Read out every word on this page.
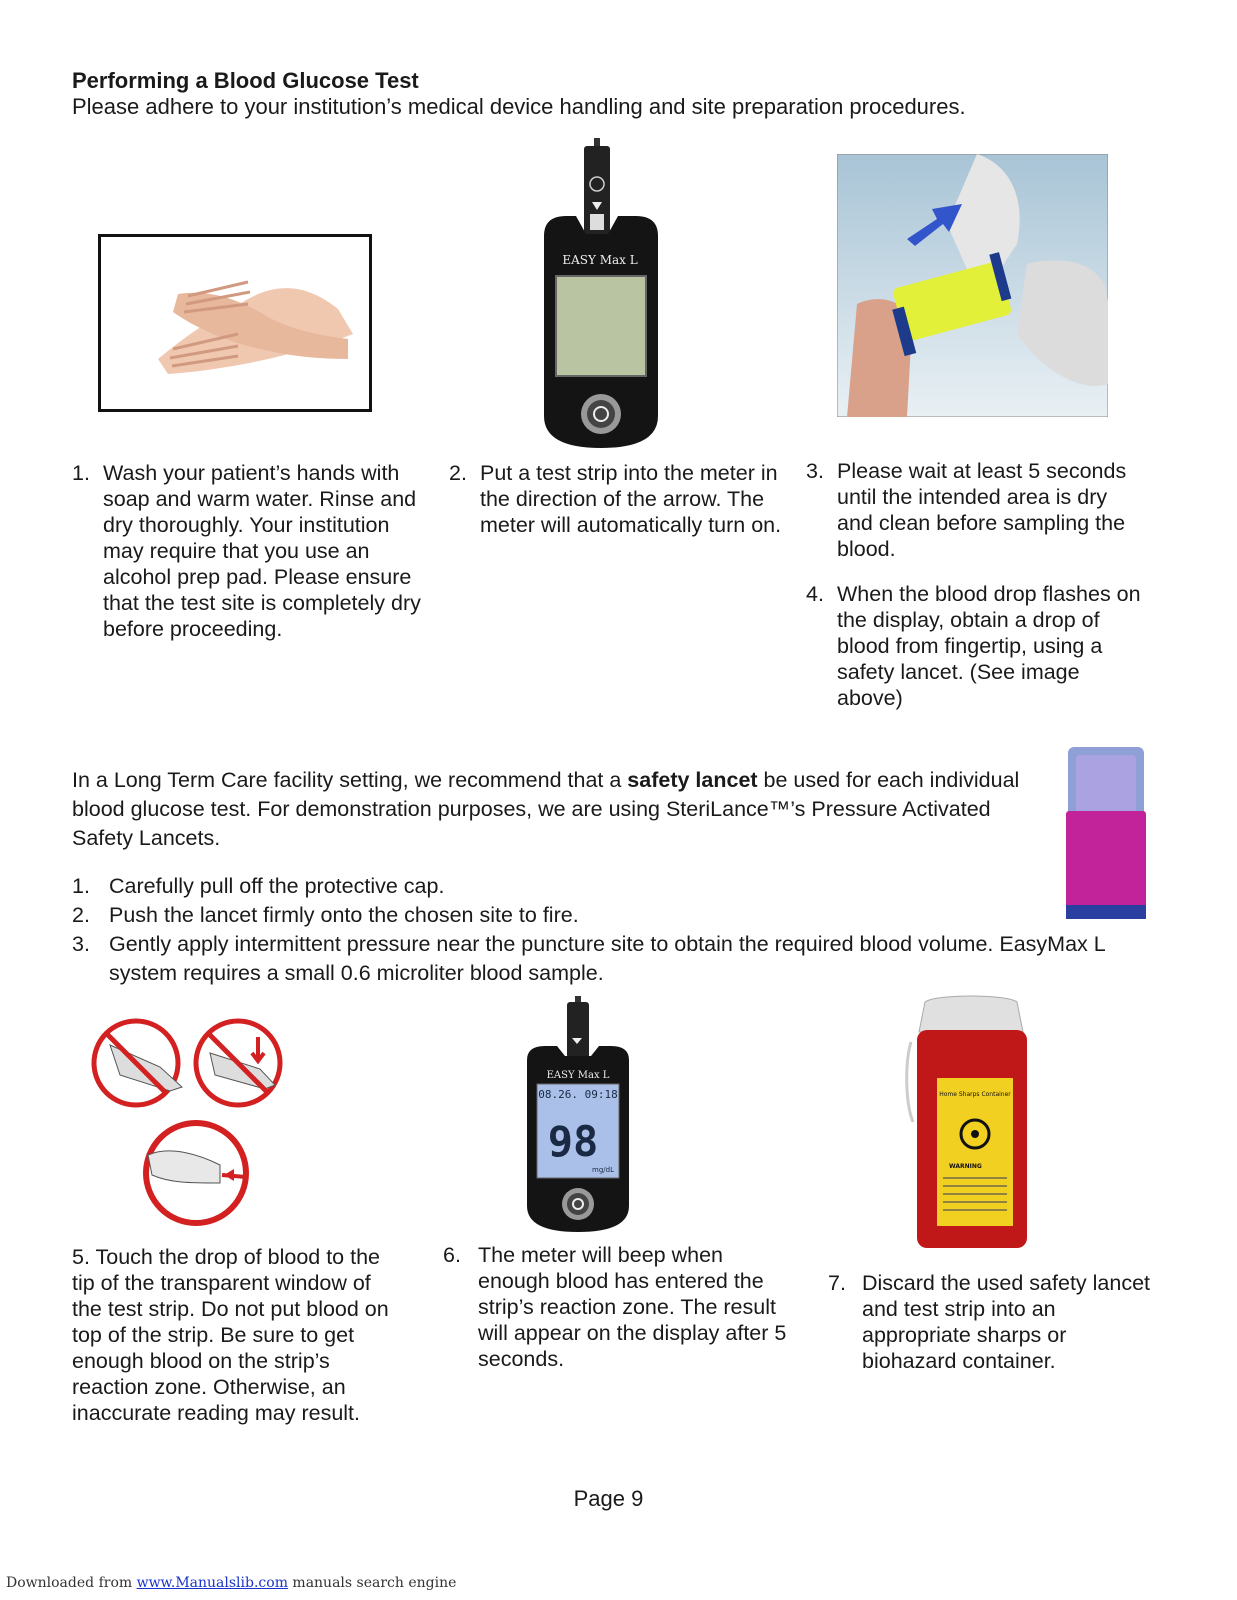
Performing a Blood Glucose Test
Please adhere to your institution’s medical device handling and site preparation procedures.
EASY Max L
1. Wash your patient’s hands with soap and warm water. Rinse and dry thoroughly. Your institution may require that you use an alcohol prep pad. Please ensure that the test site is completely dry before proceeding.
2. Put a test strip into the meter in the direction of the arrow. The meter will automatically turn on.
3. Please wait at least 5 seconds until the intended area is dry and clean before sampling the blood.
4. When the blood drop flashes on the display, obtain a drop of blood from fingertip, using a safety lancet. (See image above)
In a Long Term Care facility setting, we recommend that a safety lancet be used for each individual blood glucose test. For demonstration purposes, we are using SteriLance™’s Pressure Activated Safety Lancets.
1. Carefully pull off the protective cap.
2. Push the lancet firmly onto the chosen site to fire.
3. Gently apply intermittent pressure near the puncture site to obtain the required blood volume. EasyMax L system requires a small 0.6 microliter blood sample.
EASY Max L
08.26. 09:18
98
mg/dL
Home Sharps Container
WARNING
5. Touch the drop of blood to the tip of the transparent window of the test strip. Do not put blood on top of the strip. Be sure to get enough blood on the strip’s reaction zone. Otherwise, an inaccurate reading may result.
6. The meter will beep when enough blood has entered the strip’s reaction zone. The result will appear on the display after 5 seconds.
7. Discard the used safety lancet and test strip into an appropriate sharps or biohazard container.
Page 9
Downloaded from www.Manualslib.com manuals search engine
